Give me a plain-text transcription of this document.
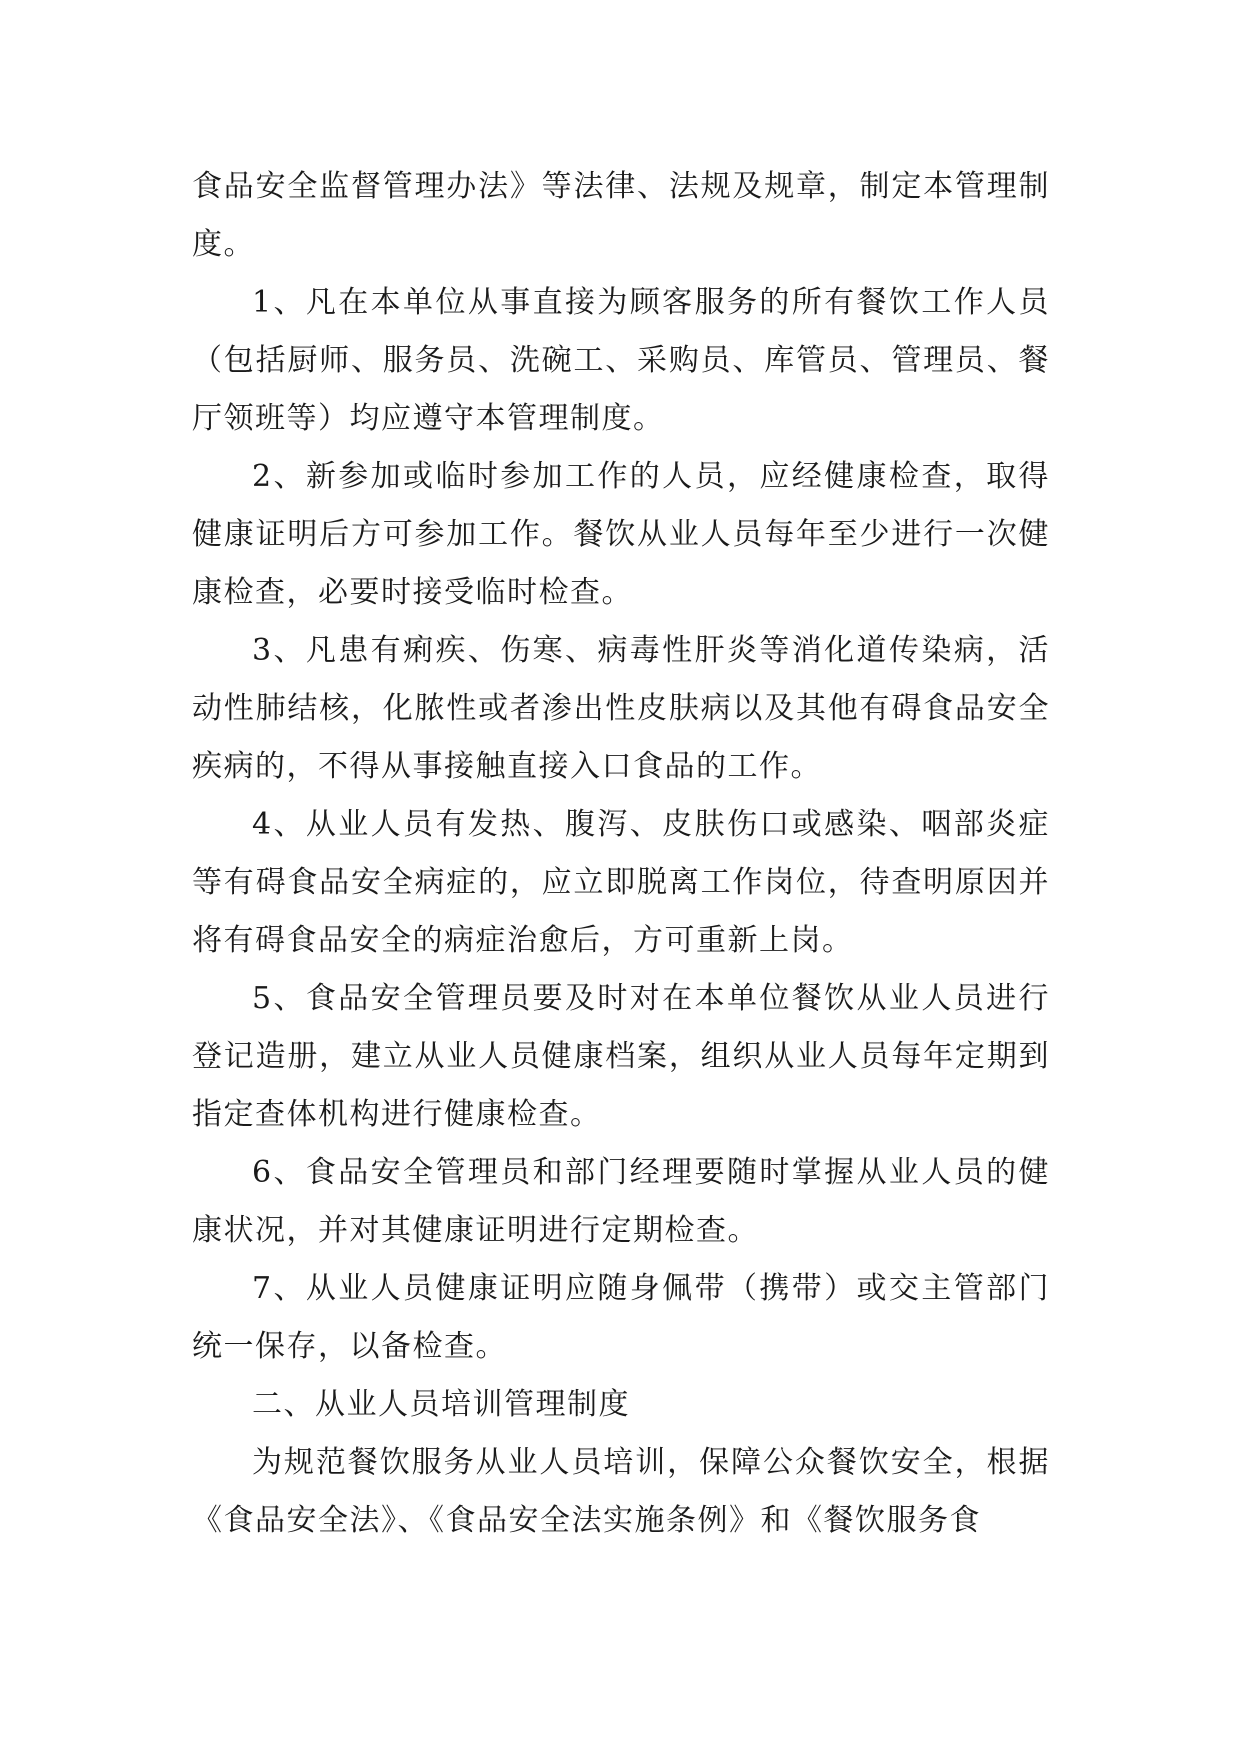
食品安全监督管理办法》等法律、法规及规章，制定本管理制度。

1、凡在本单位从事直接为顾客服务的所有餐饮工作人员（包括厨师、服务员、洗碗工、采购员、库管员、管理员、餐厅领班等）均应遵守本管理制度。

2、新参加或临时参加工作的人员，应经健康检查，取得健康证明后方可参加工作。餐饮从业人员每年至少进行一次健康检查，必要时接受临时检查。

3、凡患有痢疾、伤寒、病毒性肝炎等消化道传染病，活动性肺结核，化脓性或者渗出性皮肤病以及其他有碍食品安全疾病的，不得从事接触直接入口食品的工作。

4、从业人员有发热、腹泻、皮肤伤口或感染、咽部炎症等有碍食品安全病症的，应立即脱离工作岗位，待查明原因并将有碍食品安全的病症治愈后，方可重新上岗。

5、食品安全管理员要及时对在本单位餐饮从业人员进行登记造册，建立从业人员健康档案，组织从业人员每年定期到指定查体机构进行健康检查。

6、食品安全管理员和部门经理要随时掌握从业人员的健康状况，并对其健康证明进行定期检查。

7、从业人员健康证明应随身佩带（携带）或交主管部门统一保存，以备检查。

二、从业人员培训管理制度

为规范餐饮服务从业人员培训，保障公众餐饮安全，根据《食品安全法》、《食品安全法实施条例》和《餐饮服务食
